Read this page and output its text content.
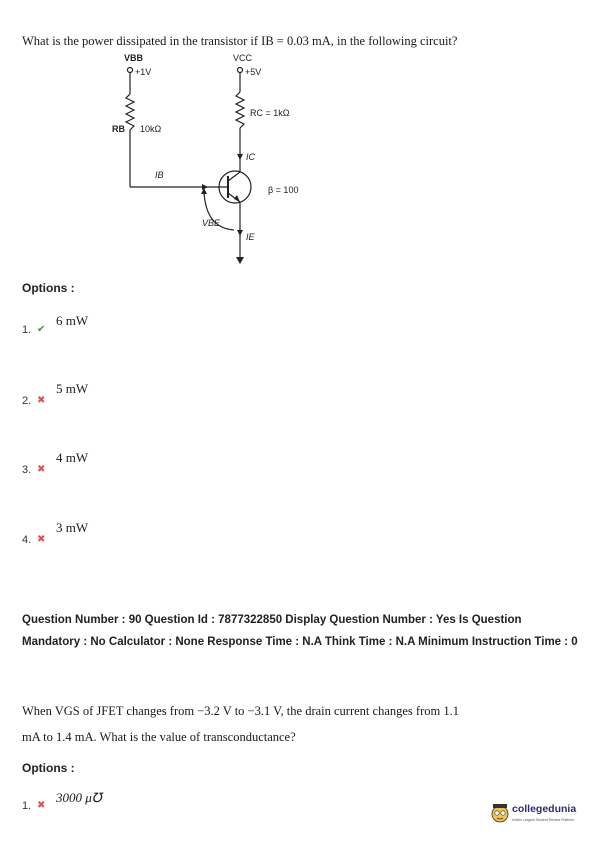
What is the power dissipated in the transistor if IB = 0.03 mA, in the following circuit?
VBB
+1V
VCC
+5V
RB 10kΩ
RC = 1kΩ
IC
IB
VBE
IE
β = 100
Options :
1. ✔
6 mW
2. ✖
5 mW
3. ✖
4 mW
4. ✖
3 mW
Question Number : 90 Question Id : 7877322850 Display Question Number : Yes Is Question Mandatory : No Calculator : None Response Time : N.A Think Time : N.A Minimum Instruction Time : 0
When VGS of JFET changes from −3.2 V to −3.1 V, the drain current changes from 1.1
mA to 1.4 mA. What is the value of transconductance?
Options :
1. ✖
3000 μ℧
collegedunia
India's Largest Student Review Platform
